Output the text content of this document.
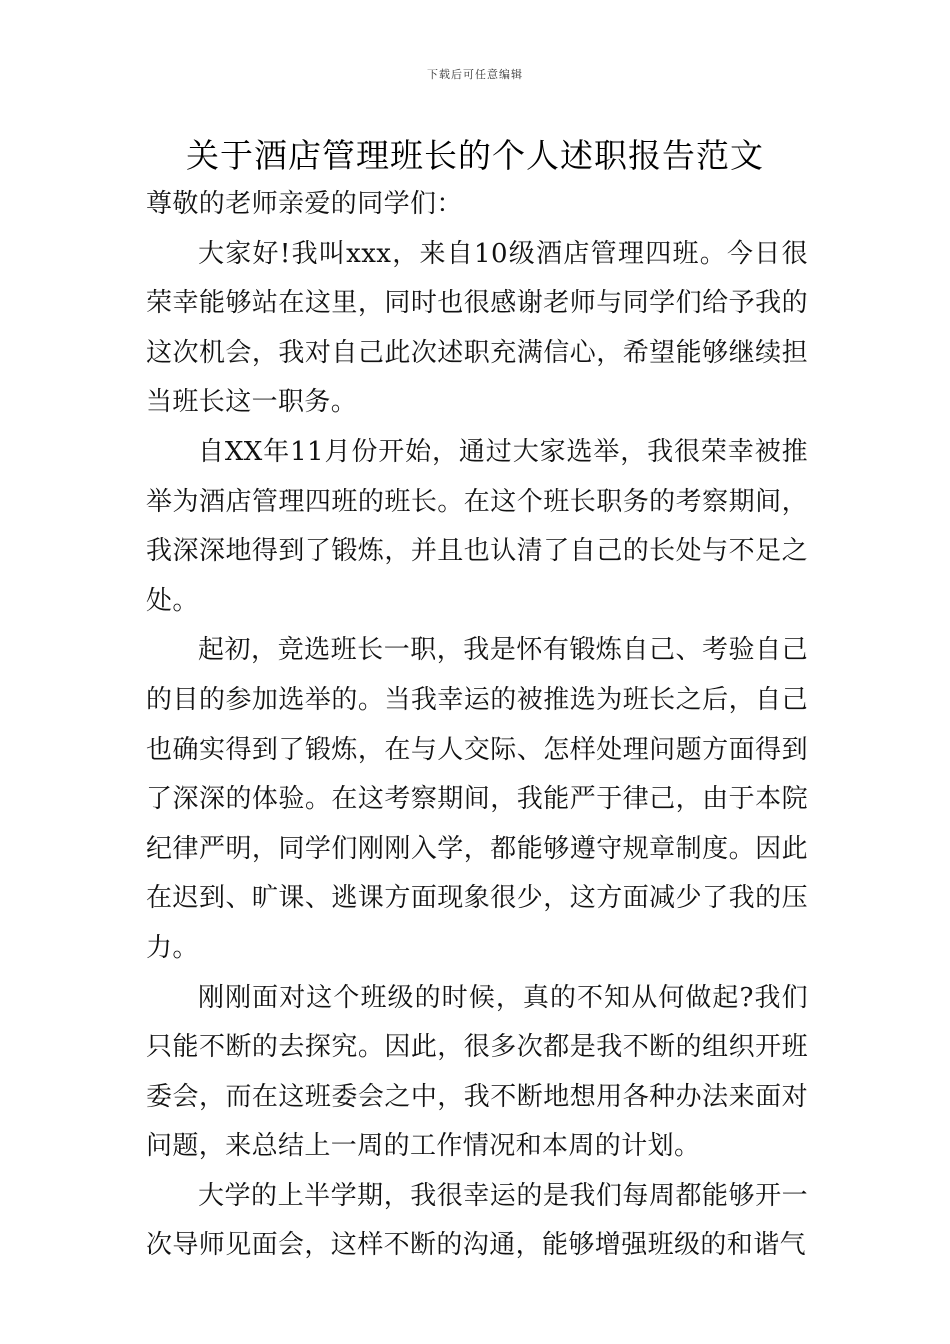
下载后可任意编辑
关于酒店管理班长的个人述职报告范文

尊敬的老师亲爱的同学们：

大家好!我叫xxx，来自10级酒店管理四班。今日很荣幸能够站在这里，同时也很感谢老师与同学们给予我的这次机会，我对自己此次述职充满信心，希望能够继续担当班长这一职务。

自XX年11月份开始，通过大家选举，我很荣幸被推举为酒店管理四班的班长。在这个班长职务的考察期间，我深深地得到了锻炼，并且也认清了自己的长处与不足之处。

起初，竞选班长一职，我是怀有锻炼自己、考验自己的目的参加选举的。当我幸运的被推选为班长之后，自己也确实得到了锻炼，在与人交际、怎样处理问题方面得到了深深的体验。在这考察期间，我能严于律己，由于本院纪律严明，同学们刚刚入学，都能够遵守规章制度。因此在迟到、旷课、逃课方面现象很少，这方面减少了我的压力。

刚刚面对这个班级的时候，真的不知从何做起?我们只能不断的去探究。因此，很多次都是我不断的组织开班委会，而在这班委会之中，我不断地想用各种办法来面对问题，来总结上一周的工作情况和本周的计划。

大学的上半学期，我很幸运的是我们每周都能够开一次导师见面会，这样不断的沟通，能够增强班级的和谐气
